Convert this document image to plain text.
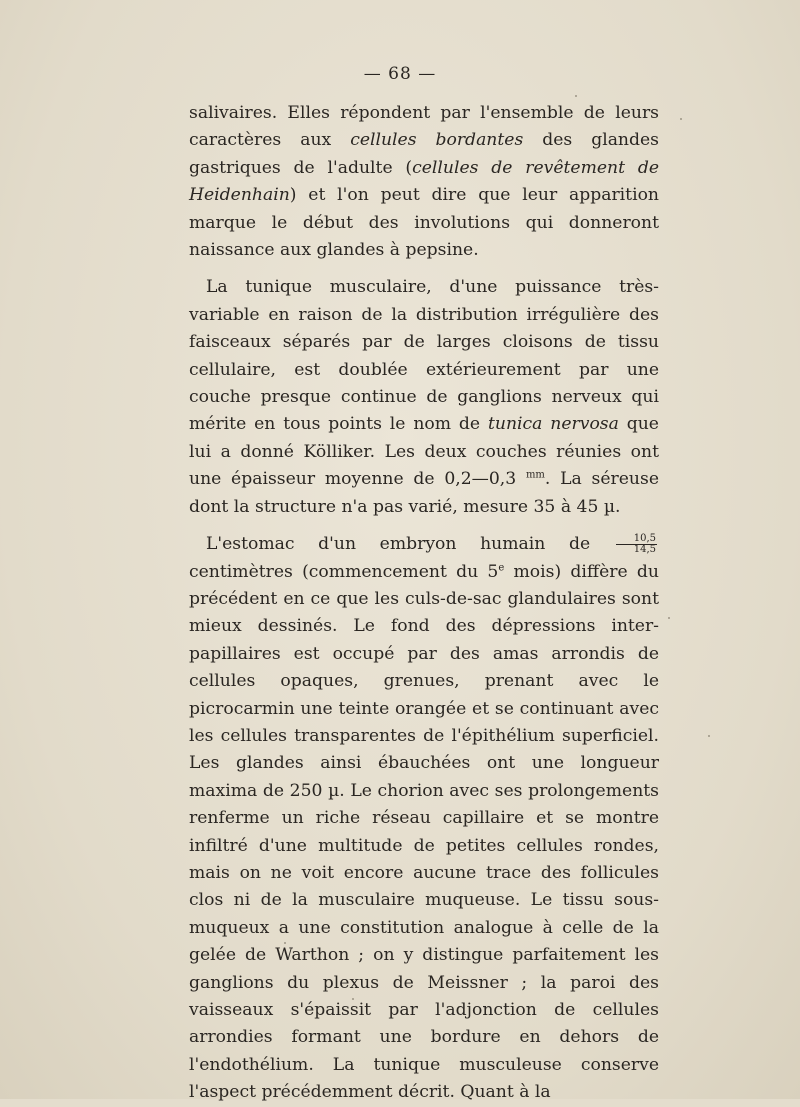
— 68 —

salivaires. Elles répondent par l'ensemble de leurs caractères aux cellules bordantes des glandes gastriques de l'adulte (cellules de revêtement de Heidenhain) et l'on peut dire que leur apparition marque le début des involutions qui donneront naissance aux glandes à pepsine.

La tunique musculaire, d'une puissance très-variable en raison de la distribution irrégulière des faisceaux séparés par de larges cloisons de tissu cellulaire, est doublée extérieurement par une couche presque continue de ganglions nerveux qui mérite en tous points le nom de tunica nervosa que lui a donné Kölliker. Les deux couches réunies ont une épaisseur moyenne de 0,2—0,3 $^{mm}$. La séreuse dont la structure n'a pas varié, mesure 35 à 45 µ.

L'estomac d'un embryon humain de $\frac{10,5}{14,5}$
centimètres (commencement du 5e mois) diffère du précédent en ce que les culs-de-sac glandulaires sont mieux dessinés. Le fond des dépressions inter-papillaires est occupé par des amas arrondis de cellules opaques, grenues, prenant avec le picrocarmin une teinte orangée et se continuant avec les cellules transparentes de l'épithélium superficiel. Les glandes ainsi ébauchées ont une longueur maxima de 250 µ. Le chorion avec ses prolongements renferme un riche réseau capillaire et se montre infiltré d'une multitude de petites cellules rondes, mais on ne voit encore aucune trace des follicules clos ni de la musculaire muqueuse. Le tissu sous-muqueux a une constitution analogue à celle de la gelée de Warthon ; on y distingue parfaitement les ganglions du plexus de Meissner ; la paroi des vaisseaux s'épaissit par l'adjonction de cellules arrondies formant une bordure en dehors de l'endothélium. La tunique musculeuse conserve l'aspect précédemment décrit. Quant à la
